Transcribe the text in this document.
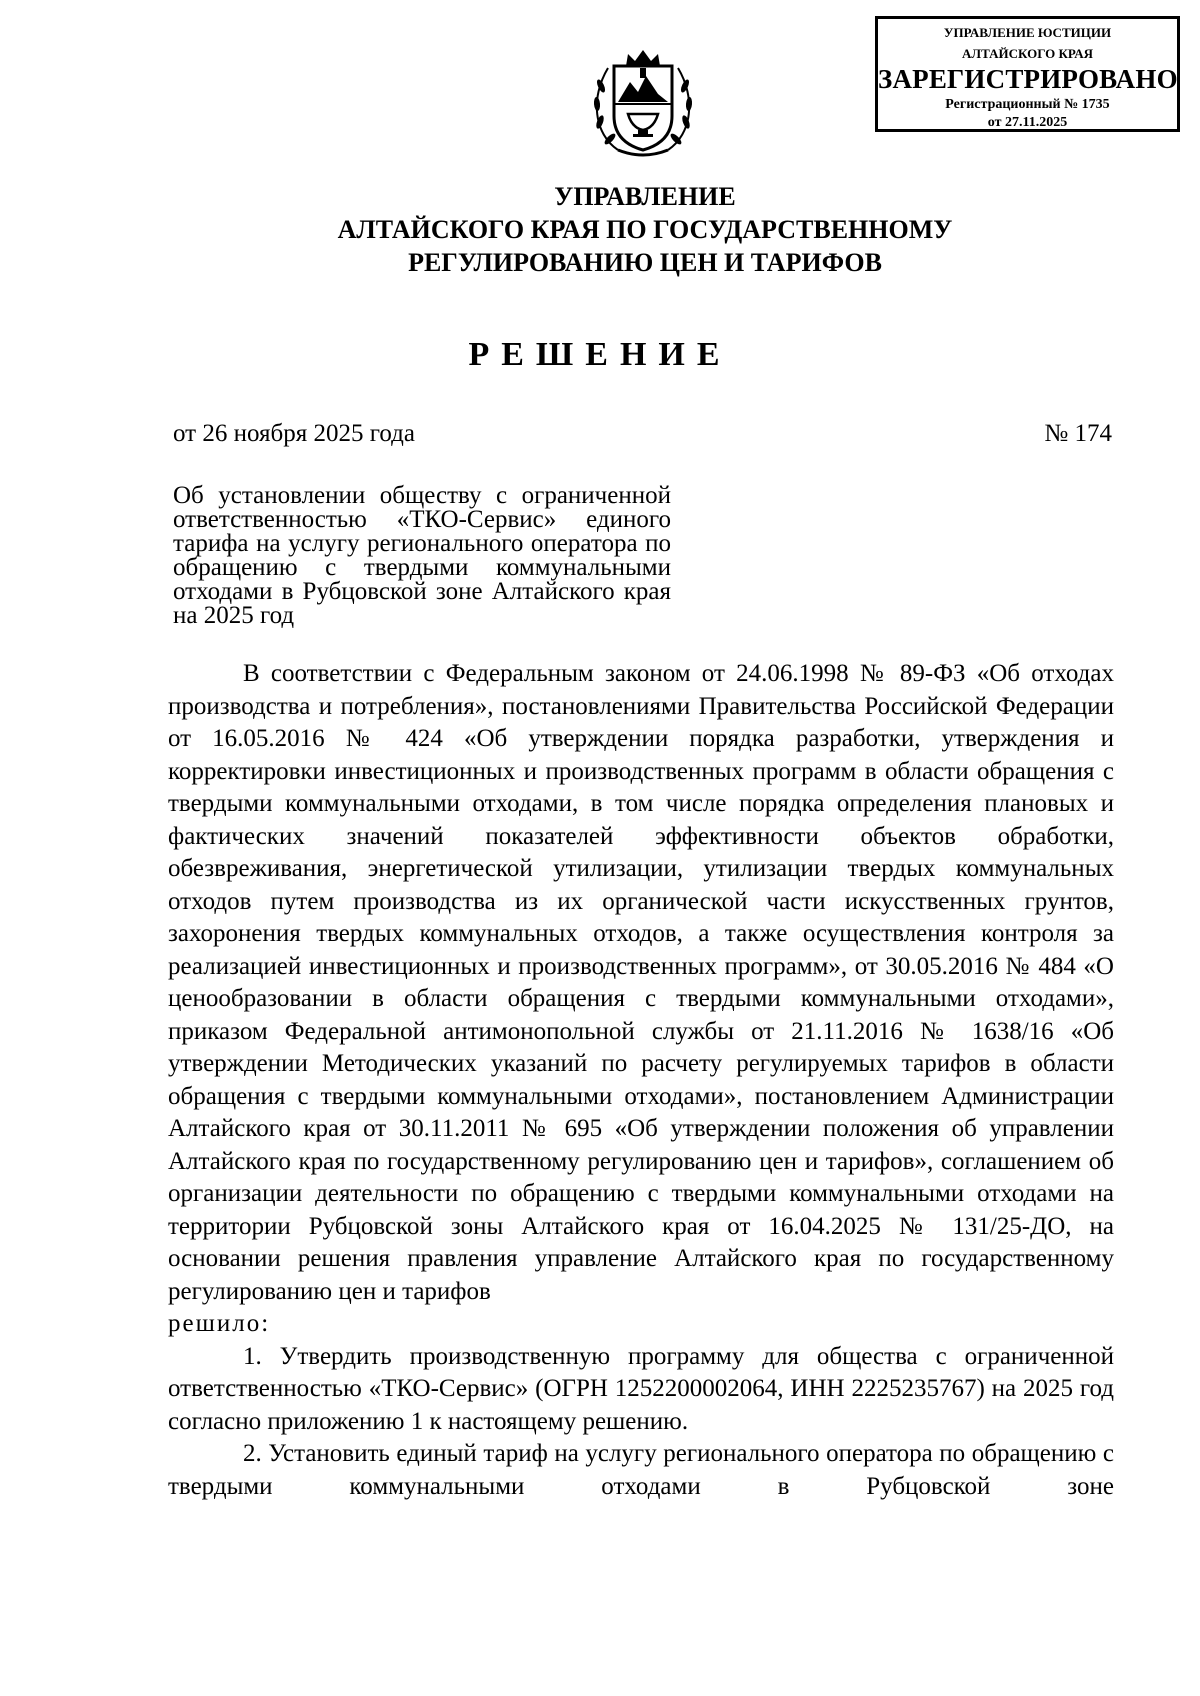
УПРАВЛЕНИЕ ЮСТИЦИИ
АЛТАЙСКОГО КРАЯ
ЗАРЕГИСТРИРОВАНО
Регистрационный № 1735
от 27.11.2025
УПРАВЛЕНИЕ
АЛТАЙСКОГО КРАЯ ПО ГОСУДАРСТВЕННОМУ
РЕГУЛИРОВАНИЮ ЦЕН И ТАРИФОВ
РЕШЕНИЕ
от 26 ноября 2025 года	№ 174
Об установлении обществу с ограниченной ответственностью «ТКО-Сервис» единого тарифа на услугу регионального оператора по обращению с твердыми коммунальными отходами в Рубцовской зоне Алтайского края на 2025 год

В соответствии с Федеральным законом от 24.06.1998 № 89-ФЗ «Об отходах производства и потребления», постановлениями Правительства Российской Федерации от 16.05.2016 № 424 «Об утверждении порядка разработки, утверждения и корректировки инвестиционных и производственных программ в области обращения с твердыми коммунальными отходами, в том числе порядка определения плановых и фактических значений показателей эффективности объектов обработки, обезвреживания, энергетической утилизации, утилизации твердых коммунальных отходов путем производства из их органической части искусственных грунтов, захоронения твердых коммунальных отходов, а также осуществления контроля за реализацией инвестиционных и производственных программ», от 30.05.2016 № 484 «О ценообразовании в области обращения с твердыми коммунальными отходами», приказом Федеральной антимонопольной службы от 21.11.2016 № 1638/16 «Об утверждении Методических указаний по расчету регулируемых тарифов в области обращения с твердыми коммунальными отходами», постановлением Администрации Алтайского края от 30.11.2011 № 695 «Об утверждении положения об управлении Алтайского края по государственному регулированию цен и тарифов», соглашением об организации деятельности по обращению с твердыми коммунальными отходами на территории Рубцовской зоны Алтайского края от 16.04.2025 № 131/25-ДО, на основании решения правления управление Алтайского края по государственному регулированию цен и тарифов

решило:

1. Утвердить производственную программу для общества с ограниченной ответственностью «ТКО-Сервис» (ОГРН 1252200002064, ИНН 2225235767) на 2025 год согласно приложению 1 к настоящему решению.

2. Установить единый тариф на услугу регионального оператора по обращению с твердыми коммунальными отходами в Рубцовской зоне
